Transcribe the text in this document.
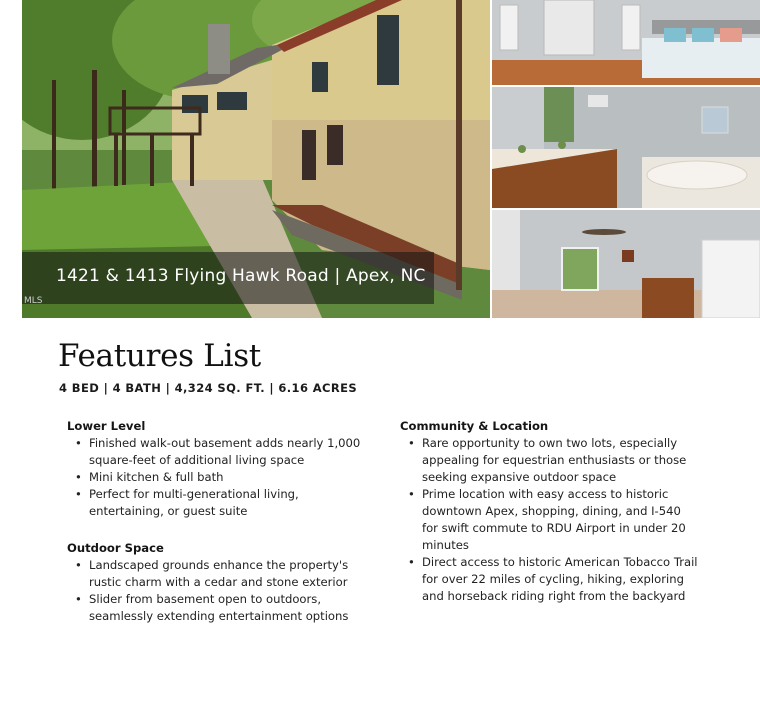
1421 & 1413 Flying Hawk Road | Apex, NC
MLS
Features List
4 BED | 4 BATH | 4,324 SQ. FT. | 6.16 ACRES
Lower Level
• Finished walk-out basement adds nearly 1,000 square-feet of additional living space
• Mini kitchen & full bath
• Perfect for multi-generational living, entertaining, or guest suite
Outdoor Space
• Landscaped grounds enhance the property's rustic charm with a cedar and stone exterior
• Slider from basement open to outdoors, seamlessly extending entertainment options
Community & Location
• Rare opportunity to own two lots, especially appealing for equestrian enthusiasts or those seeking expansive outdoor space
• Prime location with easy access to historic downtown Apex, shopping, dining, and I-540 for swift commute to RDU Airport in under 20 minutes
• Direct access to historic American Tobacco Trail for over 22 miles of cycling, hiking, exploring and horseback riding right from the backyard
